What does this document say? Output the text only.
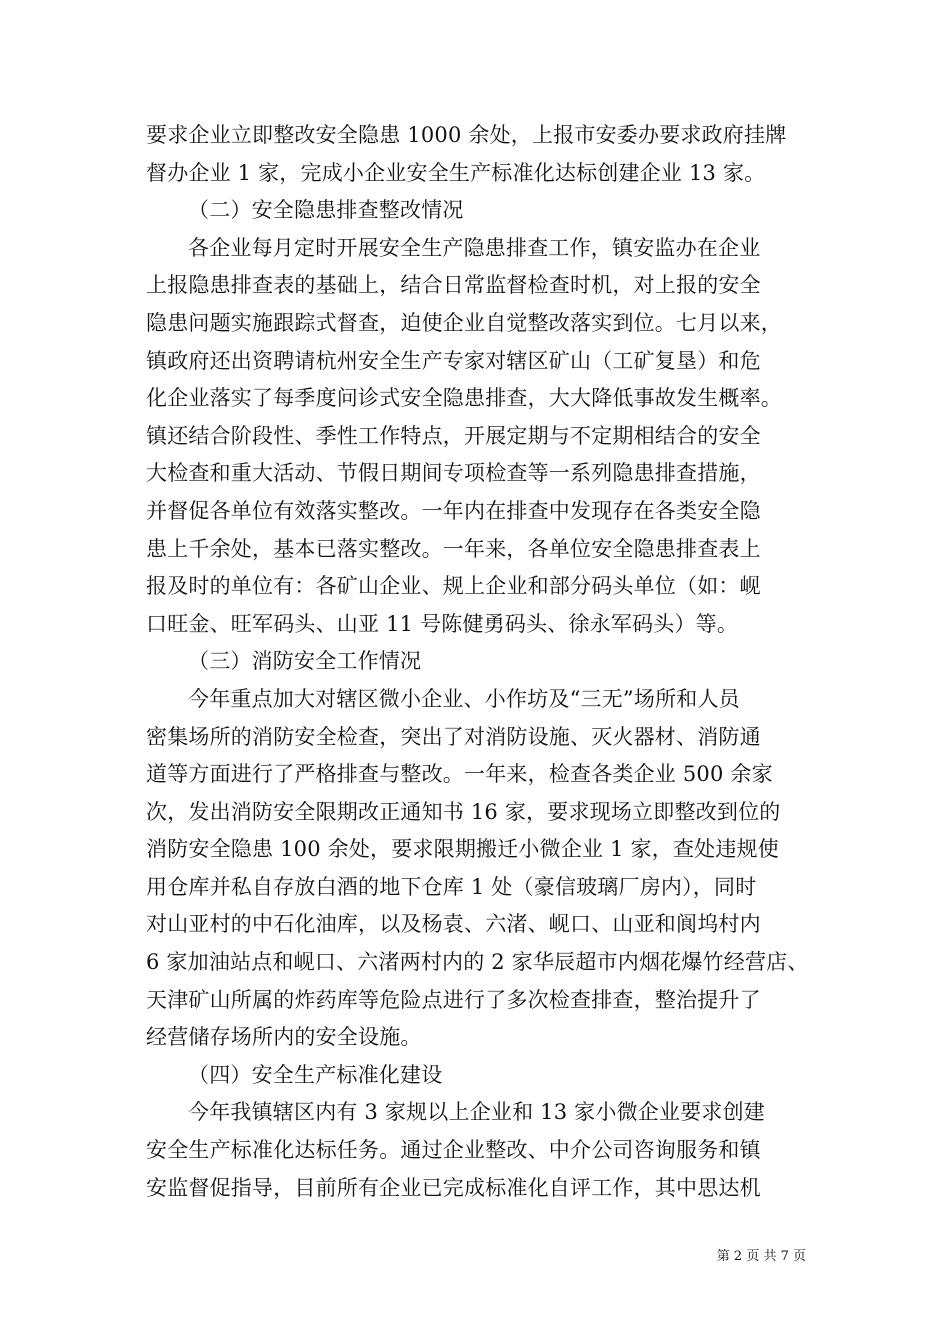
要求企业立即整改安全隐患 1000 余处，上报市安委办要求政府挂牌
督办企业 1 家，完成小企业安全生产标准化达标创建企业 13 家。
（二）安全隐患排查整改情况
各企业每月定时开展安全生产隐患排查工作，镇安监办在企业
上报隐患排查表的基础上，结合日常监督检查时机，对上报的安全
隐患问题实施跟踪式督查，迫使企业自觉整改落实到位。七月以来，
镇政府还出资聘请杭州安全生产专家对辖区矿山（工矿复垦）和危
化企业落实了每季度问诊式安全隐患排查，大大降低事故发生概率。
镇还结合阶段性、季性工作特点，开展定期与不定期相结合的安全
大检查和重大活动、节假日期间专项检查等一系列隐患排查措施，
并督促各单位有效落实整改。一年内在排查中发现存在各类安全隐
患上千余处，基本已落实整改。一年来，各单位安全隐患排查表上
报及时的单位有：各矿山企业、规上企业和部分码头单位（如：岘
口旺金、旺军码头、山亚 11 号陈健勇码头、徐永军码头）等。
（三）消防安全工作情况
今年重点加大对辖区微小企业、小作坊及“三无”场所和人员
密集场所的消防安全检查，突出了对消防设施、灭火器材、消防通
道等方面进行了严格排查与整改。一年来，检查各类企业 500 余家
次，发出消防安全限期改正通知书 16 家，要求现场立即整改到位的
消防安全隐患 100 余处，要求限期搬迁小微企业 1 家，查处违规使
用仓库并私自存放白酒的地下仓库 1 处（豪信玻璃厂房内），同时
对山亚村的中石化油库，以及杨袁、六渚、岘口、山亚和阆坞村内
6 家加油站点和岘口、六渚两村内的 2 家华辰超市内烟花爆竹经营店、
天津矿山所属的炸药库等危险点进行了多次检查排查，整治提升了
经营储存场所内的安全设施。
（四）安全生产标准化建设
今年我镇辖区内有 3 家规以上企业和 13 家小微企业要求创建
安全生产标准化达标任务。通过企业整改、中介公司咨询服务和镇
安监督促指导，目前所有企业已完成标准化自评工作，其中思达机
第 2 页 共 7 页
